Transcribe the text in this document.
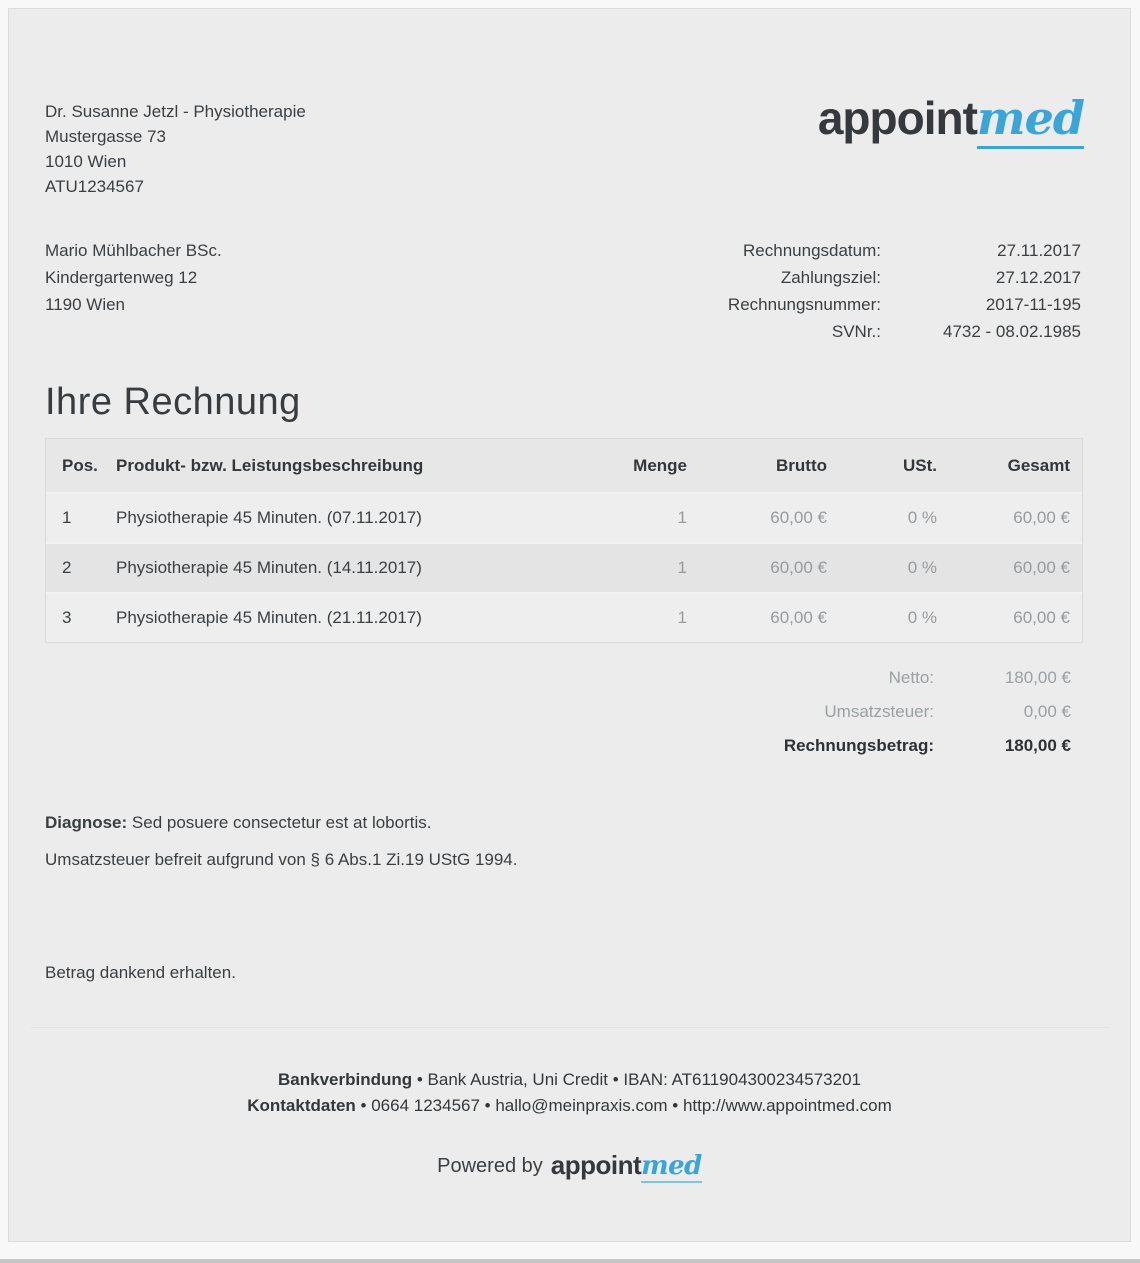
Dr. Susanne Jetzl - Physiotherapie
Mustergasse 73
1010 Wien
ATU1234567
appointmed
Mario Mühlbacher BSc.
Kindergartenweg 12
1190 Wien
Rechnungsdatum:	27.11.2017
Zahlungsziel:	27.12.2017
Rechnungsnummer:	2017-11-195
SVNr.:	4732 - 08.02.1985
Ihre Rechnung
Pos.	Produkt- bzw. Leistungsbeschreibung	Menge	Brutto	USt.	Gesamt
1	Physiotherapie 45 Minuten. (07.11.2017)	1	60,00 €	0 %	60,00 €
2	Physiotherapie 45 Minuten. (14.11.2017)	1	60,00 €	0 %	60,00 €
3	Physiotherapie 45 Minuten. (21.11.2017)	1	60,00 €	0 %	60,00 €
Netto:	180,00 €
Umsatzsteuer:	0,00 €
Rechnungsbetrag:	180,00 €
Diagnose: Sed posuere consectetur est at lobortis.
Umsatzsteuer befreit aufgrund von § 6 Abs.1 Zi.19 UStG 1994.
Betrag dankend erhalten.
Bankverbindung • Bank Austria, Uni Credit • IBAN: AT611904300234573201
Kontaktdaten • 0664 1234567 • hallo@meinpraxis.com • http://www.appointmed.com
Powered by appointmed
